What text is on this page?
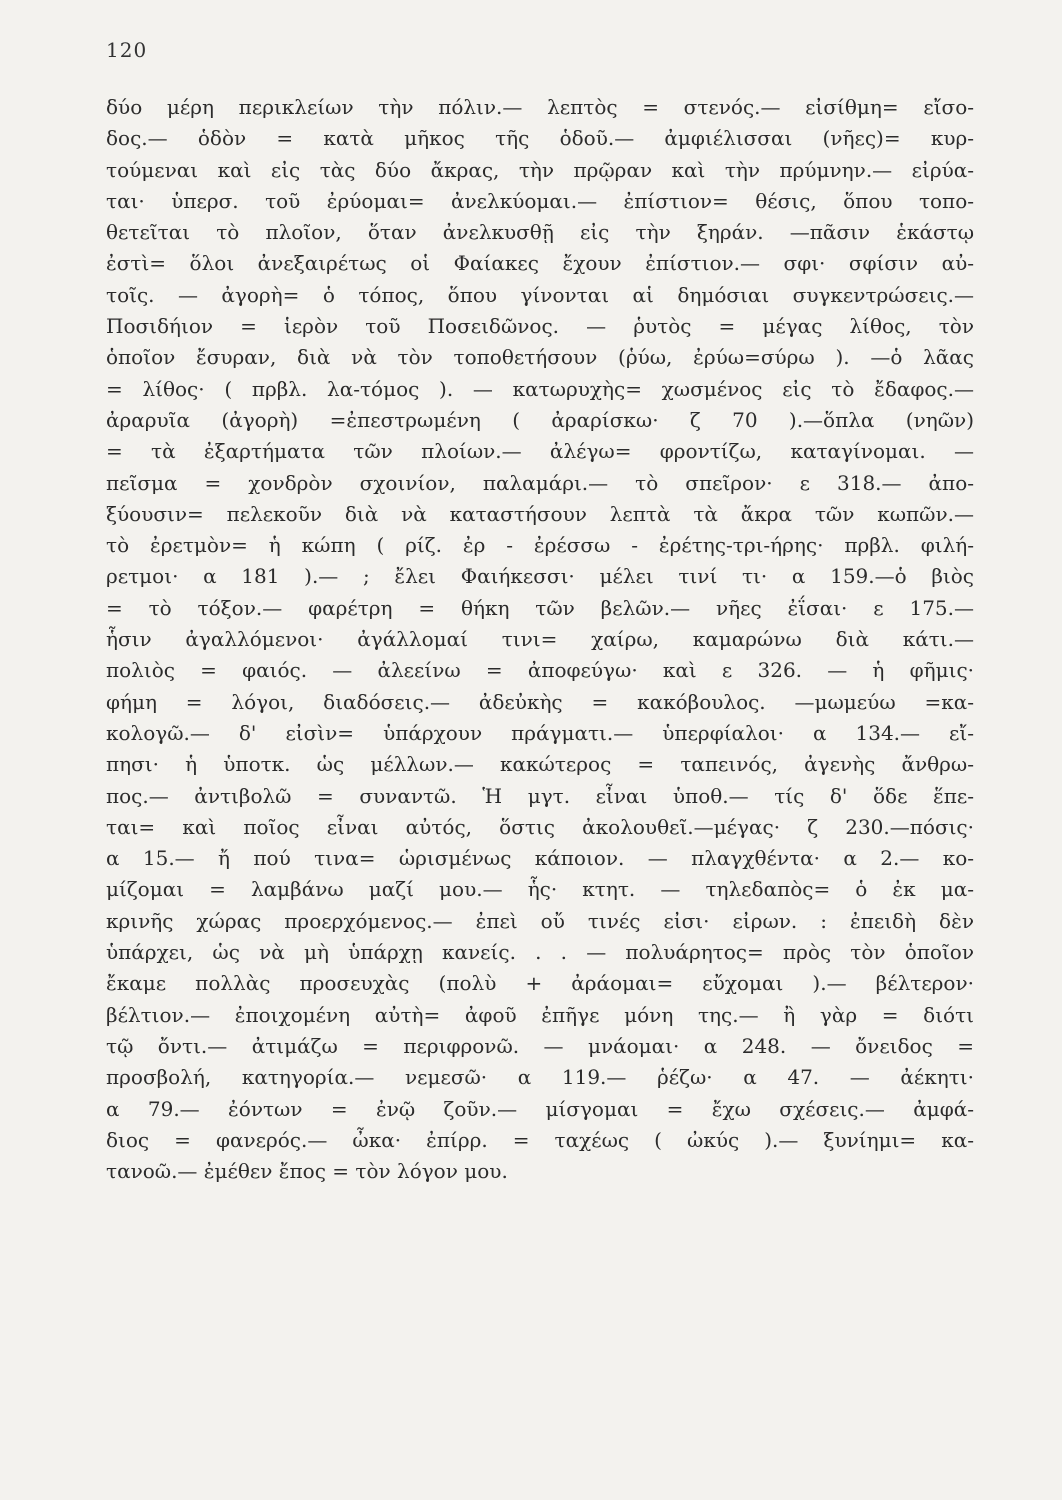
120
δύο μέρη περικλείων τὴν πόλιν.— λεπτὸς = στενός.— εἰσίθμη= εἴσο-
δος.— ὁδὸν = κατὰ μῆκος τῆς ὁδοῦ.— ἀμφιέλισσαι (νῆες)= κυρ-
τούμεναι καὶ εἰς τὰς δύο ἄκρας, τὴν πρῷραν καὶ τὴν πρύμνην.— εἰρύα-
ται· ὑπερσ. τοῦ ἐρύομαι= ἀνελκύομαι.— ἐπίστιον= θέσις, ὅπου τοπο-
θετεῖται τὸ πλοῖον, ὅταν ἀνελκυσθῇ εἰς τὴν ξηράν. —πᾶσιν ἑκάστῳ
ἐστὶ= ὅλοι ἀνεξαιρέτως οἱ Φαίακες ἔχουν ἐπίστιον.— σφι· σφίσιν αὐ-
τοῖς. — ἀγορὴ= ὁ τόπος, ὅπου γίνονται αἱ δημόσιαι συγκεντρώσεις.—
Ποσιδήιον = ἱερὸν τοῦ Ποσειδῶνος. — ῥυτὸς = μέγας λίθος, τὸν
ὁποῖον ἔσυραν, διὰ νὰ τὸν τοποθετήσουν (ῥύω, ἐρύω=σύρω ). —ὁ λᾶας
= λίθος· ( πρβλ. λα-τόμος ). — κατωρυχὴς= χωσμένος εἰς τὸ ἔδαφος.—
ἀραρυῖα (ἀγορὴ) =ἐπεστρωμένη ( ἀραρίσκω· ζ 70 ).—ὅπλα (νηῶν)
= τὰ ἐξαρτήματα τῶν πλοίων.— ἀλέγω= φροντίζω, καταγίνομαι. —
πεῖσμα = χονδρὸν σχοινίον, παλαμάρι.— τὸ σπεῖρον· ε 318.— ἀπο-
ξύουσιν= πελεκοῦν διὰ νὰ καταστήσουν λεπτὰ τὰ ἄκρα τῶν κωπῶν.—
τὸ ἐρετμὸν= ἡ κώπη ( ρίζ. ἐρ - ἐρέσσω - ἐρέτης-τρι-ήρης· πρβλ. φιλή-
ρετμοι· α 181 ).— ; ἔλει Φαιήκεσσι· μέλει τινί τι· α 159.—ὁ βιὸς
= τὸ τόξον.— φαρέτρη = θήκη τῶν βελῶν.— νῆες ἐΐσαι· ε 175.—
ἧσιν ἀγαλλόμενοι· ἀγάλλομαί τινι= χαίρω, καμαρώνω διὰ κάτι.—
πολιὸς = φαιός. — ἀλεείνω = ἀποφεύγω· καὶ ε 326. — ἡ φῆμις·
φήμη = λόγοι, διαδόσεις.— ἀδεὐκὴς = κακόβουλος. —μωμεύω =κα-
κολογῶ.— δ' εἰσὶν= ὑπάρχουν πράγματι.— ὑπερφίαλοι· α 134.— εἴ-
πησι· ἡ ὑποτκ. ὡς μέλλων.— κακώτερος = ταπεινός, ἀγενὴς ἄνθρω-
πος.— ἀντιβολῶ = συναντῶ. Ἡ μγτ. εἶναι ὑποθ.— τίς δ' ὅδε ἕπε-
ται= καὶ ποῖος εἶναι αὐτός, ὅστις ἀκολουθεῖ.—μέγας· ζ 230.—πόσις·
α 15.— ἤ πού τινα= ὡρισμένως κάποιον. — πλαγχθέντα· α 2.— κο-
μίζομαι = λαμβάνω μαζί μου.— ἧς· κτητ. — τηλεδαπὸς= ὁ ἐκ μα-
κρινῆς χώρας προερχόμενος.— ἐπεὶ οὔ τινές εἰσι· εἰρων. : ἐπειδὴ δὲν
ὑπάρχει, ὡς νὰ μὴ ὑπάρχῃ κανείς. . . — πολυάρητος= πρὸς τὸν ὁποῖον
ἔκαμε πολλὰς προσευχὰς (πολὺ + ἀράομαι= εὔχομαι ).— βέλτερον·
βέλτιον.— ἐποιχομένη αὐτὴ= ἀφοῦ ἐπῆγε μόνη της.— ἢ γὰρ = διότι
τῷ ὄντι.— ἀτιμάζω = περιφρονῶ. — μνάομαι· α 248. — ὄνειδος =
προσβολή, κατηγορία.— νεμεσῶ· α 119.— ῥέζω· α 47. — ἀέκητι·
α 79.— ἐόντων = ἐνῷ ζοῦν.— μίσγομαι = ἔχω σχέσεις.— ἀμφά-
διος = φανερός.— ὦκα· ἐπίρρ. = ταχέως ( ὠκύς ).— ξυνίημι= κα-
τανοῶ.— ἐμέθεν ἔπος = τὸν λόγον μου.
